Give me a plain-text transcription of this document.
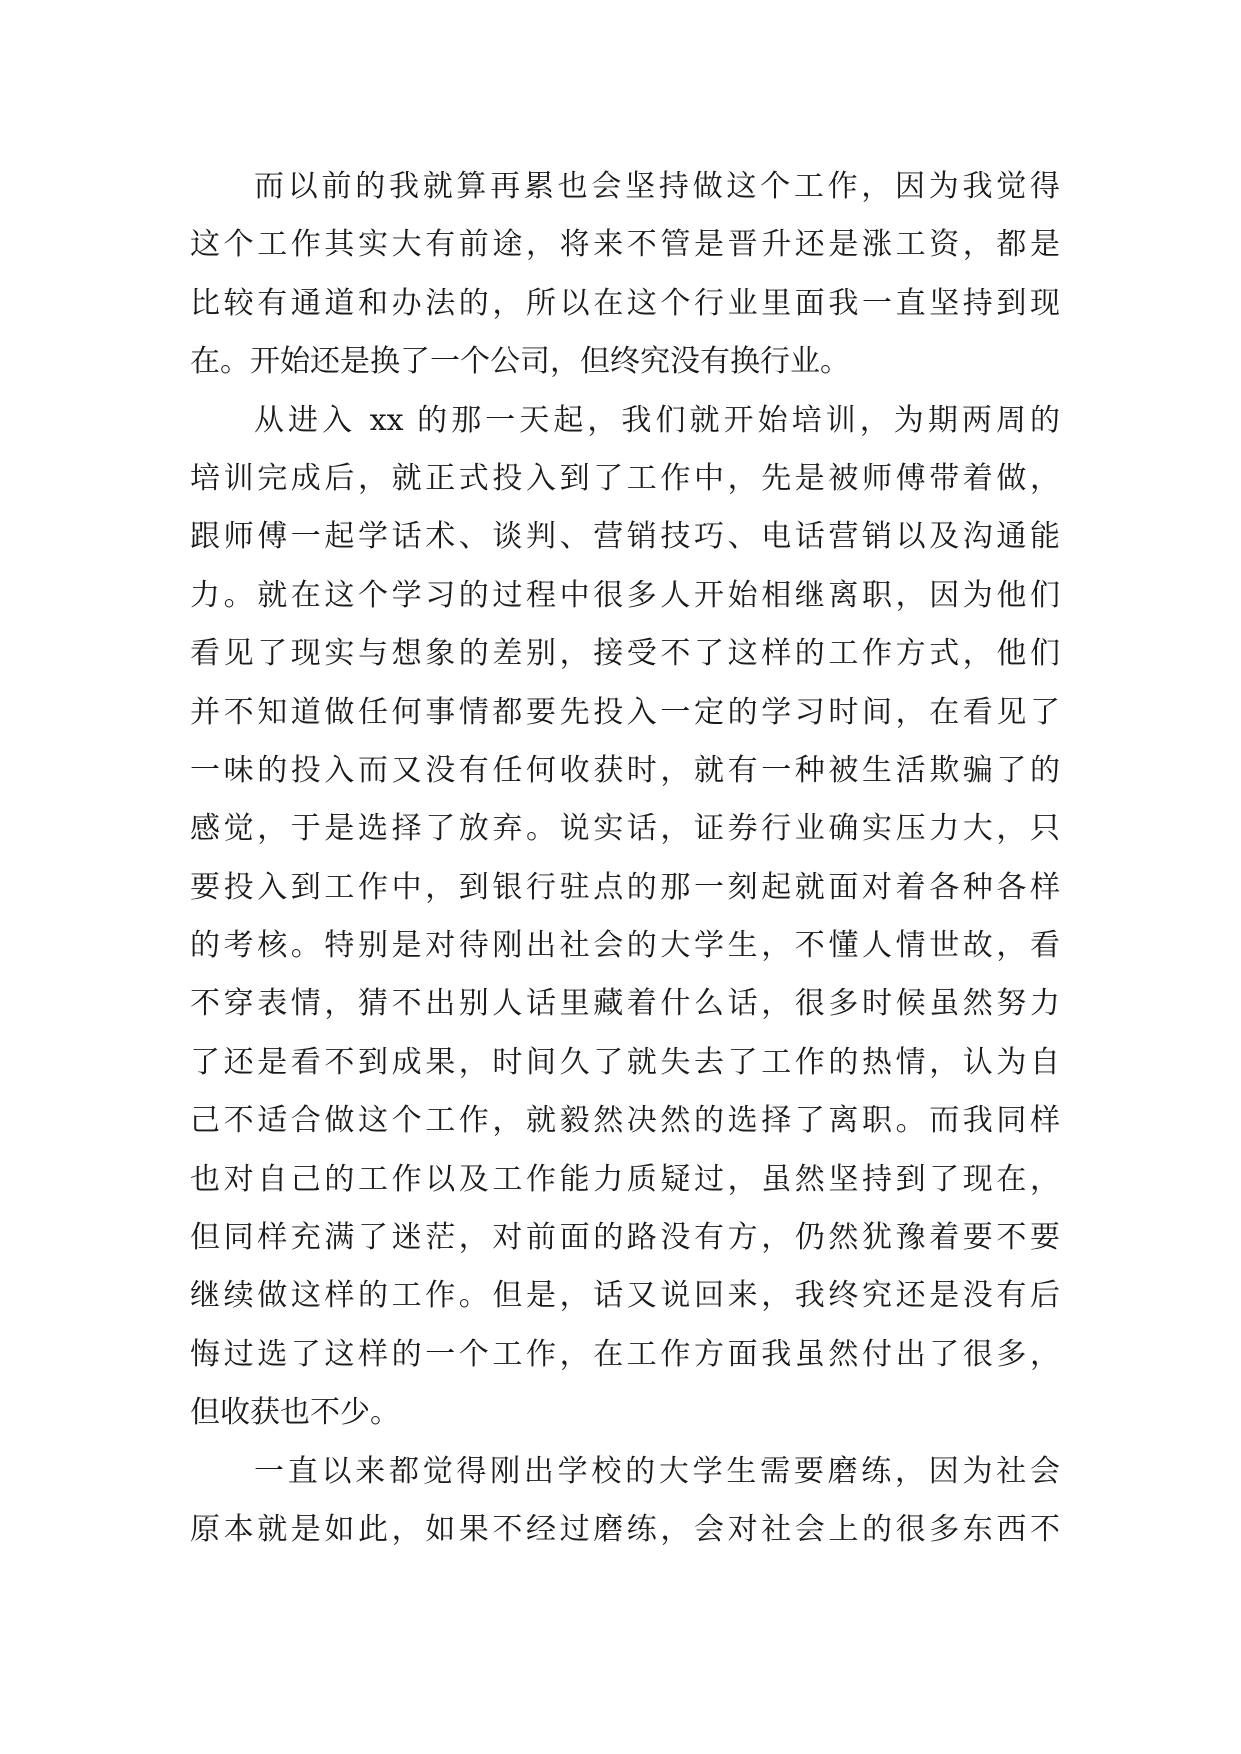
而以前的我就算再累也会坚持做这个工作，因为我觉得
这个工作其实大有前途，将来不管是晋升还是涨工资，都是
比较有通道和办法的，所以在这个行业里面我一直坚持到现
在。开始还是换了一个公司，但终究没有换行业。
从进入 xx 的那一天起，我们就开始培训，为期两周的
培训完成后，就正式投入到了工作中，先是被师傅带着做，
跟师傅一起学话术、谈判、营销技巧、电话营销以及沟通能
力。就在这个学习的过程中很多人开始相继离职，因为他们
看见了现实与想象的差别，接受不了这样的工作方式，他们
并不知道做任何事情都要先投入一定的学习时间，在看见了
一味的投入而又没有任何收获时，就有一种被生活欺骗了的
感觉，于是选择了放弃。说实话，证券行业确实压力大，只
要投入到工作中，到银行驻点的那一刻起就面对着各种各样
的考核。特别是对待刚出社会的大学生，不懂人情世故，看
不穿表情，猜不出别人话里藏着什么话，很多时候虽然努力
了还是看不到成果，时间久了就失去了工作的热情，认为自
己不适合做这个工作，就毅然决然的选择了离职。而我同样
也对自己的工作以及工作能力质疑过，虽然坚持到了现在，
但同样充满了迷茫，对前面的路没有方，仍然犹豫着要不要
继续做这样的工作。但是，话又说回来，我终究还是没有后
悔过选了这样的一个工作，在工作方面我虽然付出了很多，
但收获也不少。
一直以来都觉得刚出学校的大学生需要磨练，因为社会
原本就是如此，如果不经过磨练，会对社会上的很多东西不
